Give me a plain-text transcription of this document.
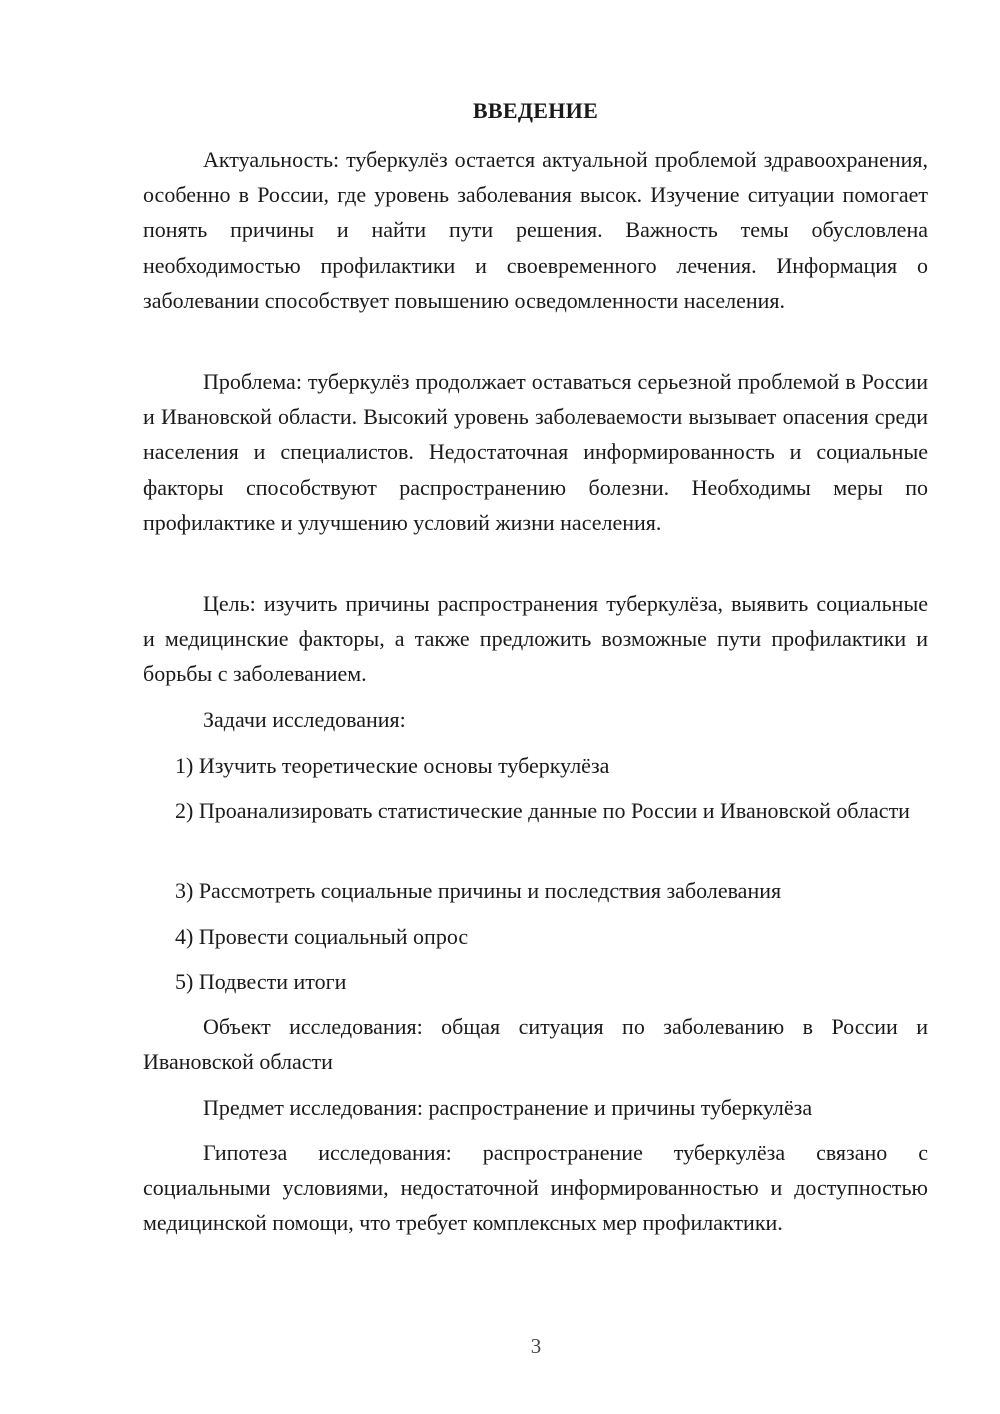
ВВЕДЕНИЕ

Актуальность: туберкулёз остается актуальной проблемой здравоохранения, особенно в России, где уровень заболевания высок. Изучение ситуации помогает понять причины и найти пути решения. Важность темы обусловлена необходимостью профилактики и своевременного лечения. Информация о заболевании способствует повышению осведомленности населения.

Проблема: туберкулёз продолжает оставаться серьезной проблемой в России и Ивановской области. Высокий уровень заболеваемости вызывает опасения среди населения и специалистов. Недостаточная информированность и социальные факторы способствуют распространению болезни. Необходимы меры по профилактике и улучшению условий жизни населения.

Цель: изучить причины распространения туберкулёза, выявить социальные и медицинские факторы, а также предложить возможные пути профилактики и борьбы с заболеванием.

Задачи исследования:

1) Изучить теоретические основы туберкулёза

2) Проанализировать статистические данные по России и Ивановской области

3) Рассмотреть социальные причины и последствия заболевания

4) Провести социальный опрос

5) Подвести итоги

Объект исследования: общая ситуация по заболеванию в России и Ивановской области

Предмет исследования: распространение и причины туберкулёза

Гипотеза исследования: распространение туберкулёза связано с социальными условиями, недостаточной информированностью и доступностью медицинской помощи, что требует комплексных мер профилактики.

3
